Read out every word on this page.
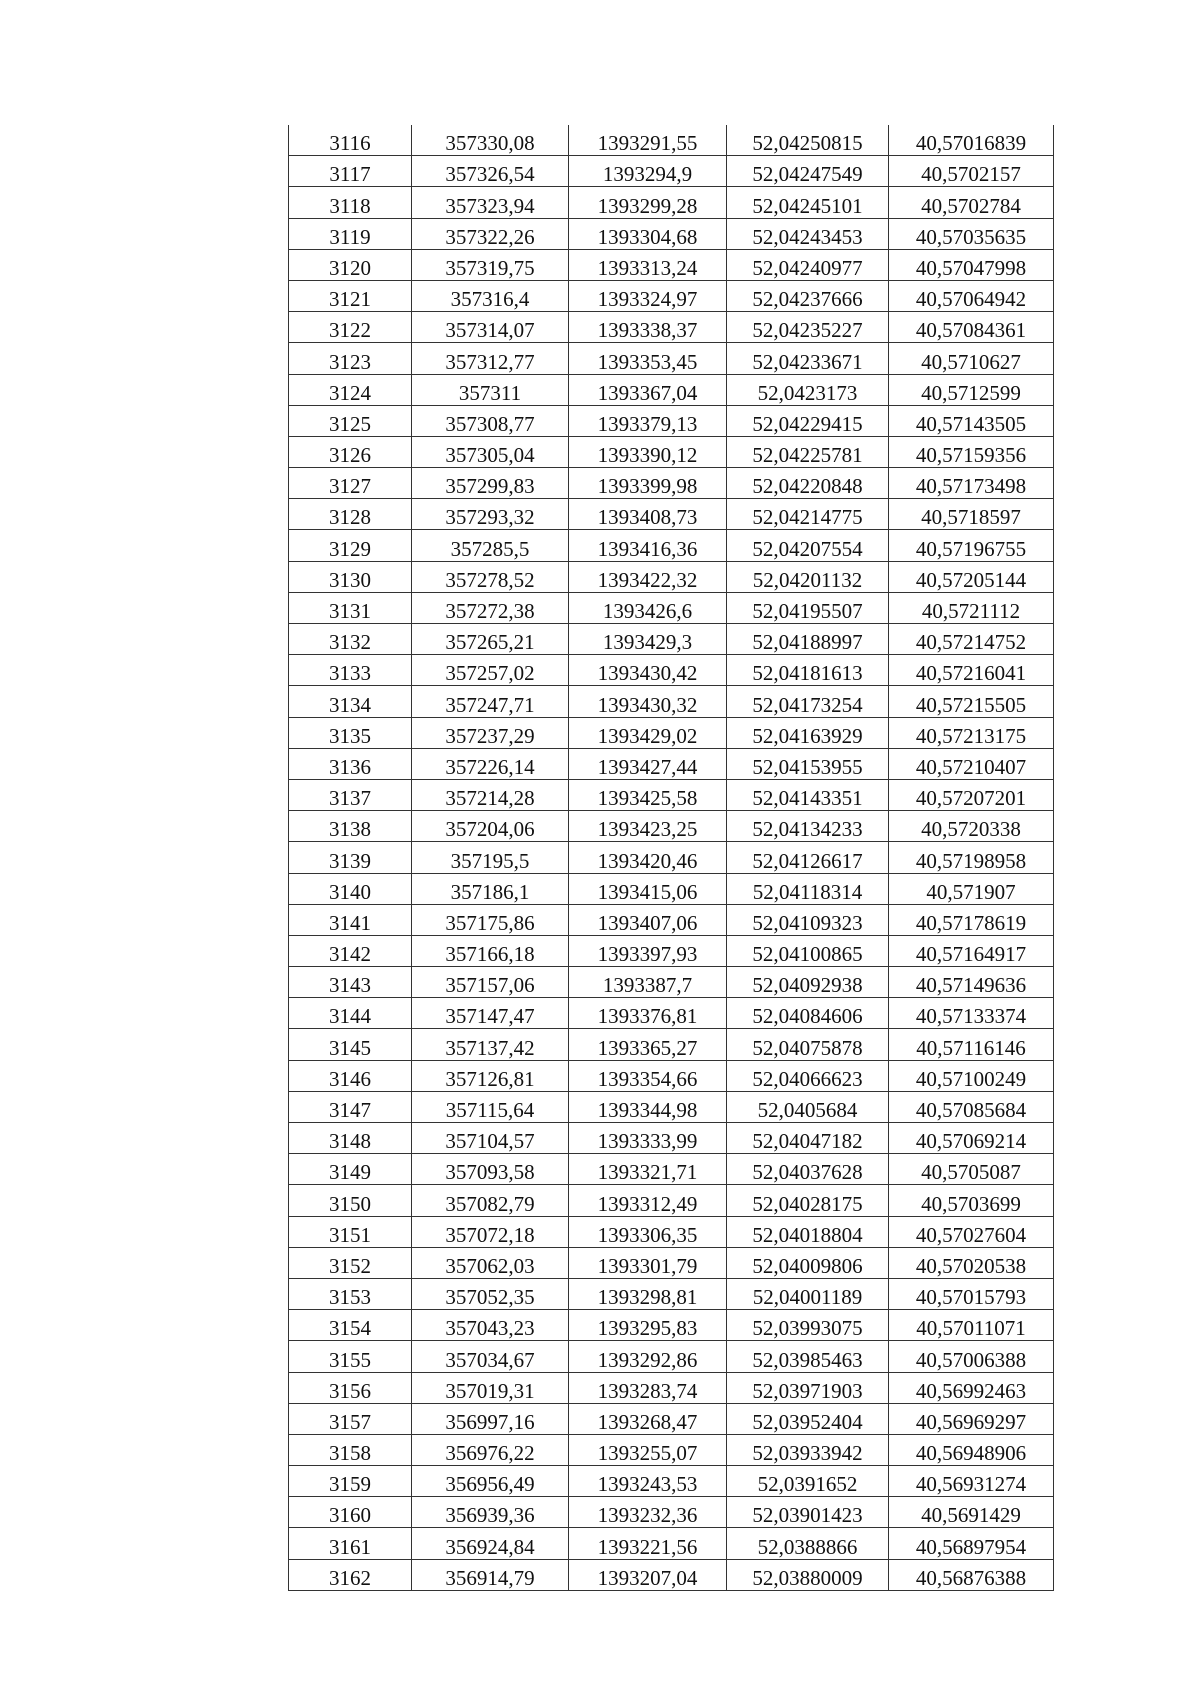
3116	357330,08	1393291,55	52,04250815	40,57016839
3117	357326,54	1393294,9	52,04247549	40,5702157
3118	357323,94	1393299,28	52,04245101	40,5702784
3119	357322,26	1393304,68	52,04243453	40,57035635
3120	357319,75	1393313,24	52,04240977	40,57047998
3121	357316,4	1393324,97	52,04237666	40,57064942
3122	357314,07	1393338,37	52,04235227	40,57084361
3123	357312,77	1393353,45	52,04233671	40,5710627
3124	357311	1393367,04	52,0423173	40,5712599
3125	357308,77	1393379,13	52,04229415	40,57143505
3126	357305,04	1393390,12	52,04225781	40,57159356
3127	357299,83	1393399,98	52,04220848	40,57173498
3128	357293,32	1393408,73	52,04214775	40,5718597
3129	357285,5	1393416,36	52,04207554	40,57196755
3130	357278,52	1393422,32	52,04201132	40,57205144
3131	357272,38	1393426,6	52,04195507	40,5721112
3132	357265,21	1393429,3	52,04188997	40,57214752
3133	357257,02	1393430,42	52,04181613	40,57216041
3134	357247,71	1393430,32	52,04173254	40,57215505
3135	357237,29	1393429,02	52,04163929	40,57213175
3136	357226,14	1393427,44	52,04153955	40,57210407
3137	357214,28	1393425,58	52,04143351	40,57207201
3138	357204,06	1393423,25	52,04134233	40,5720338
3139	357195,5	1393420,46	52,04126617	40,57198958
3140	357186,1	1393415,06	52,04118314	40,571907
3141	357175,86	1393407,06	52,04109323	40,57178619
3142	357166,18	1393397,93	52,04100865	40,57164917
3143	357157,06	1393387,7	52,04092938	40,57149636
3144	357147,47	1393376,81	52,04084606	40,57133374
3145	357137,42	1393365,27	52,04075878	40,57116146
3146	357126,81	1393354,66	52,04066623	40,57100249
3147	357115,64	1393344,98	52,0405684	40,57085684
3148	357104,57	1393333,99	52,04047182	40,57069214
3149	357093,58	1393321,71	52,04037628	40,5705087
3150	357082,79	1393312,49	52,04028175	40,5703699
3151	357072,18	1393306,35	52,04018804	40,57027604
3152	357062,03	1393301,79	52,04009806	40,57020538
3153	357052,35	1393298,81	52,04001189	40,57015793
3154	357043,23	1393295,83	52,03993075	40,57011071
3155	357034,67	1393292,86	52,03985463	40,57006388
3156	357019,31	1393283,74	52,03971903	40,56992463
3157	356997,16	1393268,47	52,03952404	40,56969297
3158	356976,22	1393255,07	52,03933942	40,56948906
3159	356956,49	1393243,53	52,0391652	40,56931274
3160	356939,36	1393232,36	52,03901423	40,5691429
3161	356924,84	1393221,56	52,0388866	40,56897954
3162	356914,79	1393207,04	52,03880009	40,56876388
